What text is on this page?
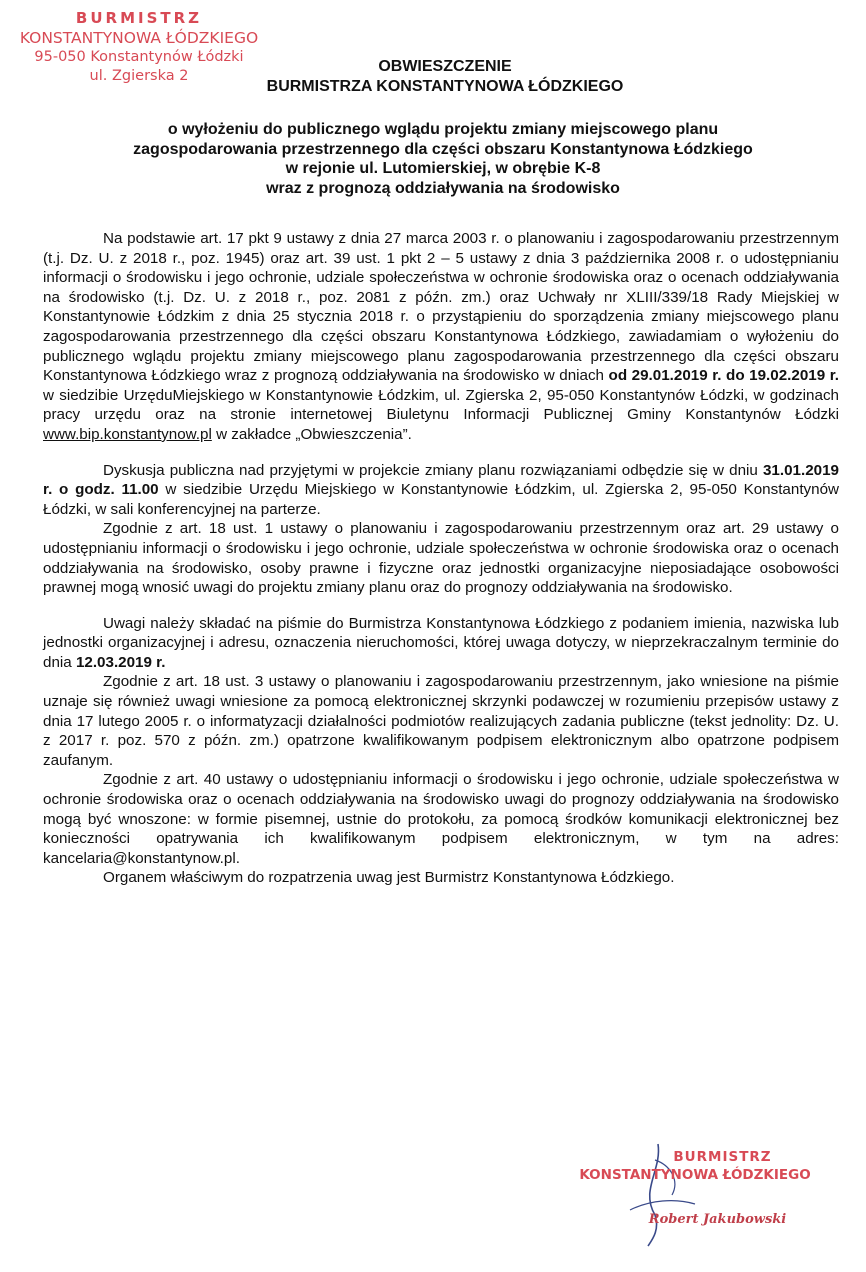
BURMISTRZ
KONSTANTYNOWA ŁÓDZKIEGO
95-050 Konstantynów Łódzki
ul. Zgierska 2
OBWIESZCZENIE
BURMISTRZA KONSTANTYNOWA ŁÓDZKIEGO
o wyłożeniu do publicznego wglądu projektu zmiany miejscowego planu
zagospodarowania przestrzennego dla części obszaru Konstantynowa Łódzkiego
w rejonie ul. Lutomierskiej, w obrębie K-8
wraz z prognozą oddziaływania na środowisko

Na podstawie art. 17 pkt 9 ustawy z dnia 27 marca 2003 r. o planowaniu i zagospodarowaniu przestrzennym (t.j. Dz. U. z 2018 r., poz. 1945) oraz art. 39 ust. 1 pkt 2 – 5 ustawy z dnia 3 października 2008 r. o udostępnianiu informacji o środowisku i jego ochronie, udziale społeczeństwa w ochronie środowiska oraz o ocenach oddziaływania na środowisko (t.j. Dz. U. z 2018 r., poz. 2081 z późn. zm.) oraz Uchwały nr XLIII/339/18 Rady Miejskiej w Konstantynowie Łódzkim z dnia 25 stycznia 2018 r. o przystąpieniu do sporządzenia zmiany miejscowego planu zagospodarowania przestrzennego dla części obszaru Konstantynowa Łódzkiego, zawiadamiam o wyłożeniu do publicznego wglądu projektu zmiany miejscowego planu zagospodarowania przestrzennego dla części obszaru Konstantynowa Łódzkiego wraz z prognozą oddziaływania na środowisko w dniach od 29.01.2019 r. do 19.02.2019 r. w siedzibie UrzęduMiejskiego w Konstantynowie Łódzkim, ul. Zgierska 2, 95-050 Konstantynów Łódzki, w godzinach pracy urzędu oraz na stronie internetowej Biuletynu Informacji Publicznej Gminy Konstantynów Łódzki www.bip.konstantynow.pl w zakładce „Obwieszczenia”.

Dyskusja publiczna nad przyjętymi w projekcie zmiany planu rozwiązaniami odbędzie się w dniu 31.01.2019 r. o godz. 11.00 w siedzibie Urzędu Miejskiego w Konstantynowie Łódzkim, ul. Zgierska 2, 95-050 Konstantynów Łódzki, w sali konferencyjnej na parterze.

Zgodnie z art. 18 ust. 1 ustawy o planowaniu i zagospodarowaniu przestrzennym oraz art. 29 ustawy o udostępnianiu informacji o środowisku i jego ochronie, udziale społeczeństwa w ochronie środowiska oraz o ocenach oddziaływania na środowisko, osoby prawne i fizyczne oraz jednostki organizacyjne nieposiadające osobowości prawnej mogą wnosić uwagi do projektu zmiany planu oraz do prognozy oddziaływania na środowisko.

Uwagi należy składać na piśmie do Burmistrza Konstantynowa Łódzkiego z podaniem imienia, nazwiska lub jednostki organizacyjnej i adresu, oznaczenia nieruchomości, której uwaga dotyczy, w nieprzekraczalnym terminie do dnia 12.03.2019 r.

Zgodnie z art. 18 ust. 3 ustawy o planowaniu i zagospodarowaniu przestrzennym, jako wniesione na piśmie uznaje się również uwagi wniesione za pomocą elektronicznej skrzynki podawczej w rozumieniu przepisów ustawy z dnia 17 lutego 2005 r. o informatyzacji działalności podmiotów realizujących zadania publiczne (tekst jednolity: Dz. U. z 2017 r. poz. 570 z późn. zm.) opatrzone kwalifikowanym podpisem elektronicznym albo opatrzone podpisem zaufanym.

Zgodnie z art. 40 ustawy o udostępnianiu informacji o środowisku i jego ochronie, udziale społeczeństwa w ochronie środowiska oraz o ocenach oddziaływania na środowisko uwagi do prognozy oddziaływania na środowisko mogą być wnoszone: w formie pisemnej, ustnie do protokołu, za pomocą środków komunikacji elektronicznej bez konieczności opatrywania ich kwalifikowanym podpisem elektronicznym, w tym na adres: kancelaria@konstantynow.pl.

Organem właściwym do rozpatrzenia uwag jest Burmistrz Konstantynowa Łódzkiego.

BURMISTRZ
KONSTANTYNOWA ŁÓDZKIEGO
Robert Jakubowski
